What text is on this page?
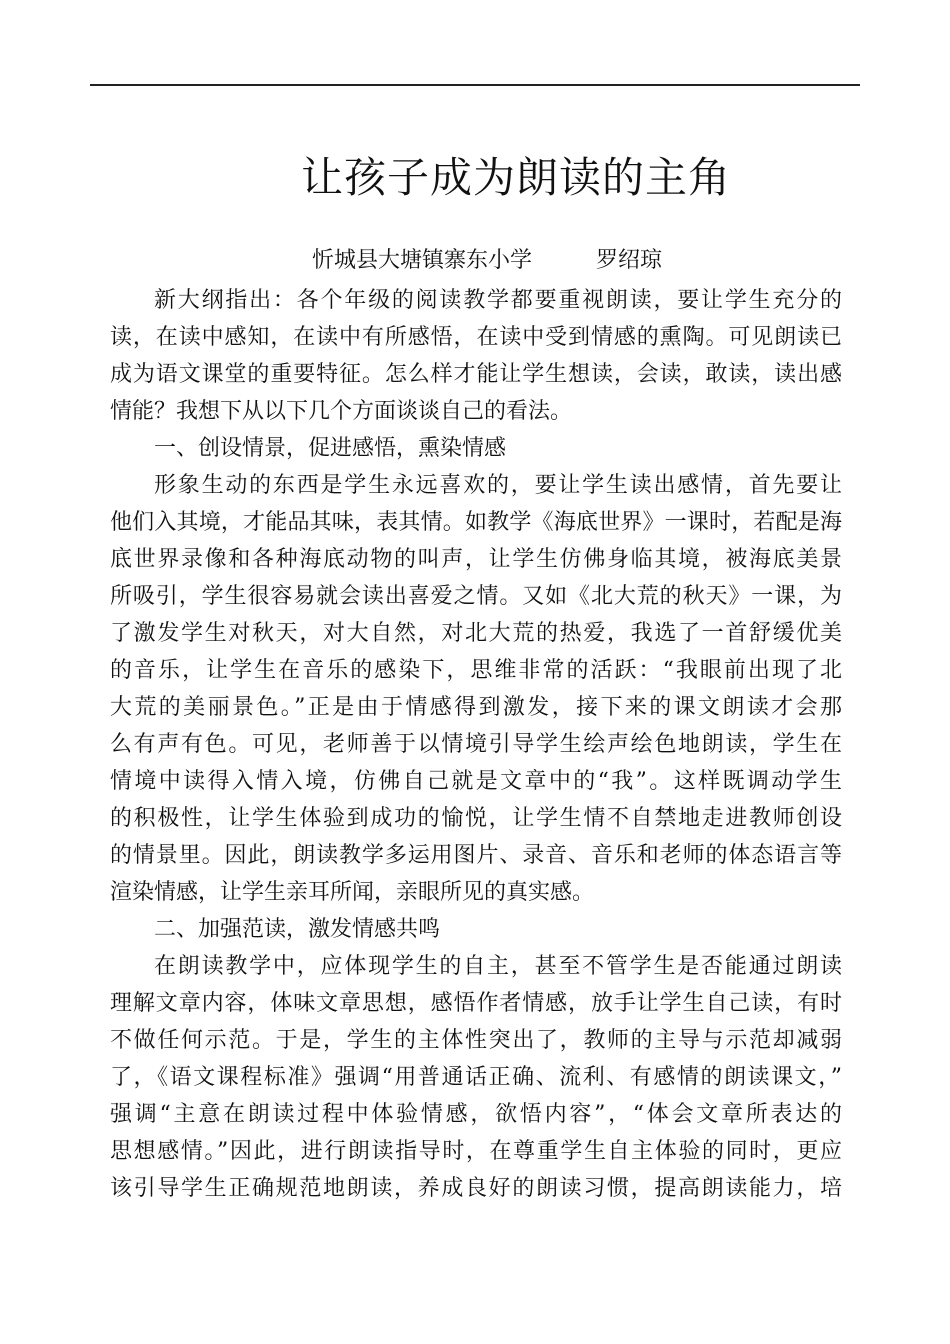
让孩子成为朗读的主角
忻城县大塘镇寨东小学	罗绍琼
新大纲指出：各个年级的阅读教学都要重视朗读，要让学生充分的
读，在读中感知，在读中有所感悟，在读中受到情感的熏陶。可见朗读已
成为语文课堂的重要特征。怎么样才能让学生想读，会读，敢读，读出感
情能？我想下从以下几个方面谈谈自己的看法。
一、创设情景，促进感悟，熏染情感
形象生动的东西是学生永远喜欢的，要让学生读出感情，首先要让
他们入其境，才能品其味，表其情。如教学《海底世界》一课时，若配是海
底世界录像和各种海底动物的叫声，让学生仿佛身临其境，被海底美景
所吸引，学生很容易就会读出喜爱之情。又如《北大荒的秋天》一课，为
了激发学生对秋天，对大自然，对北大荒的热爱，我选了一首舒缓优美
的音乐，让学生在音乐的感染下，思维非常的活跃：“我眼前出现了北
大荒的美丽景色。”正是由于情感得到激发，接下来的课文朗读才会那
么有声有色。可见，老师善于以情境引导学生绘声绘色地朗读，学生在
情境中读得入情入境，仿佛自己就是文章中的“我”。这样既调动学生
的积极性，让学生体验到成功的愉悦，让学生情不自禁地走进教师创设
的情景里。因此，朗读教学多运用图片、录音、音乐和老师的体态语言等
渲染情感，让学生亲耳所闻，亲眼所见的真实感。
二、加强范读，激发情感共鸣
在朗读教学中，应体现学生的自主，甚至不管学生是否能通过朗读
理解文章内容，体味文章思想，感悟作者情感，放手让学生自己读，有时
不做任何示范。于是，学生的主体性突出了，教师的主导与示范却减弱
了，《语文课程标准》强调“用普通话正确、流利、有感情的朗读课文，”
强调“主意在朗读过程中体验情感，欲悟内容”，“体会文章所表达的
思想感情。”因此，进行朗读指导时，在尊重学生自主体验的同时，更应
该引导学生正确规范地朗读，养成良好的朗读习惯，提高朗读能力，培
